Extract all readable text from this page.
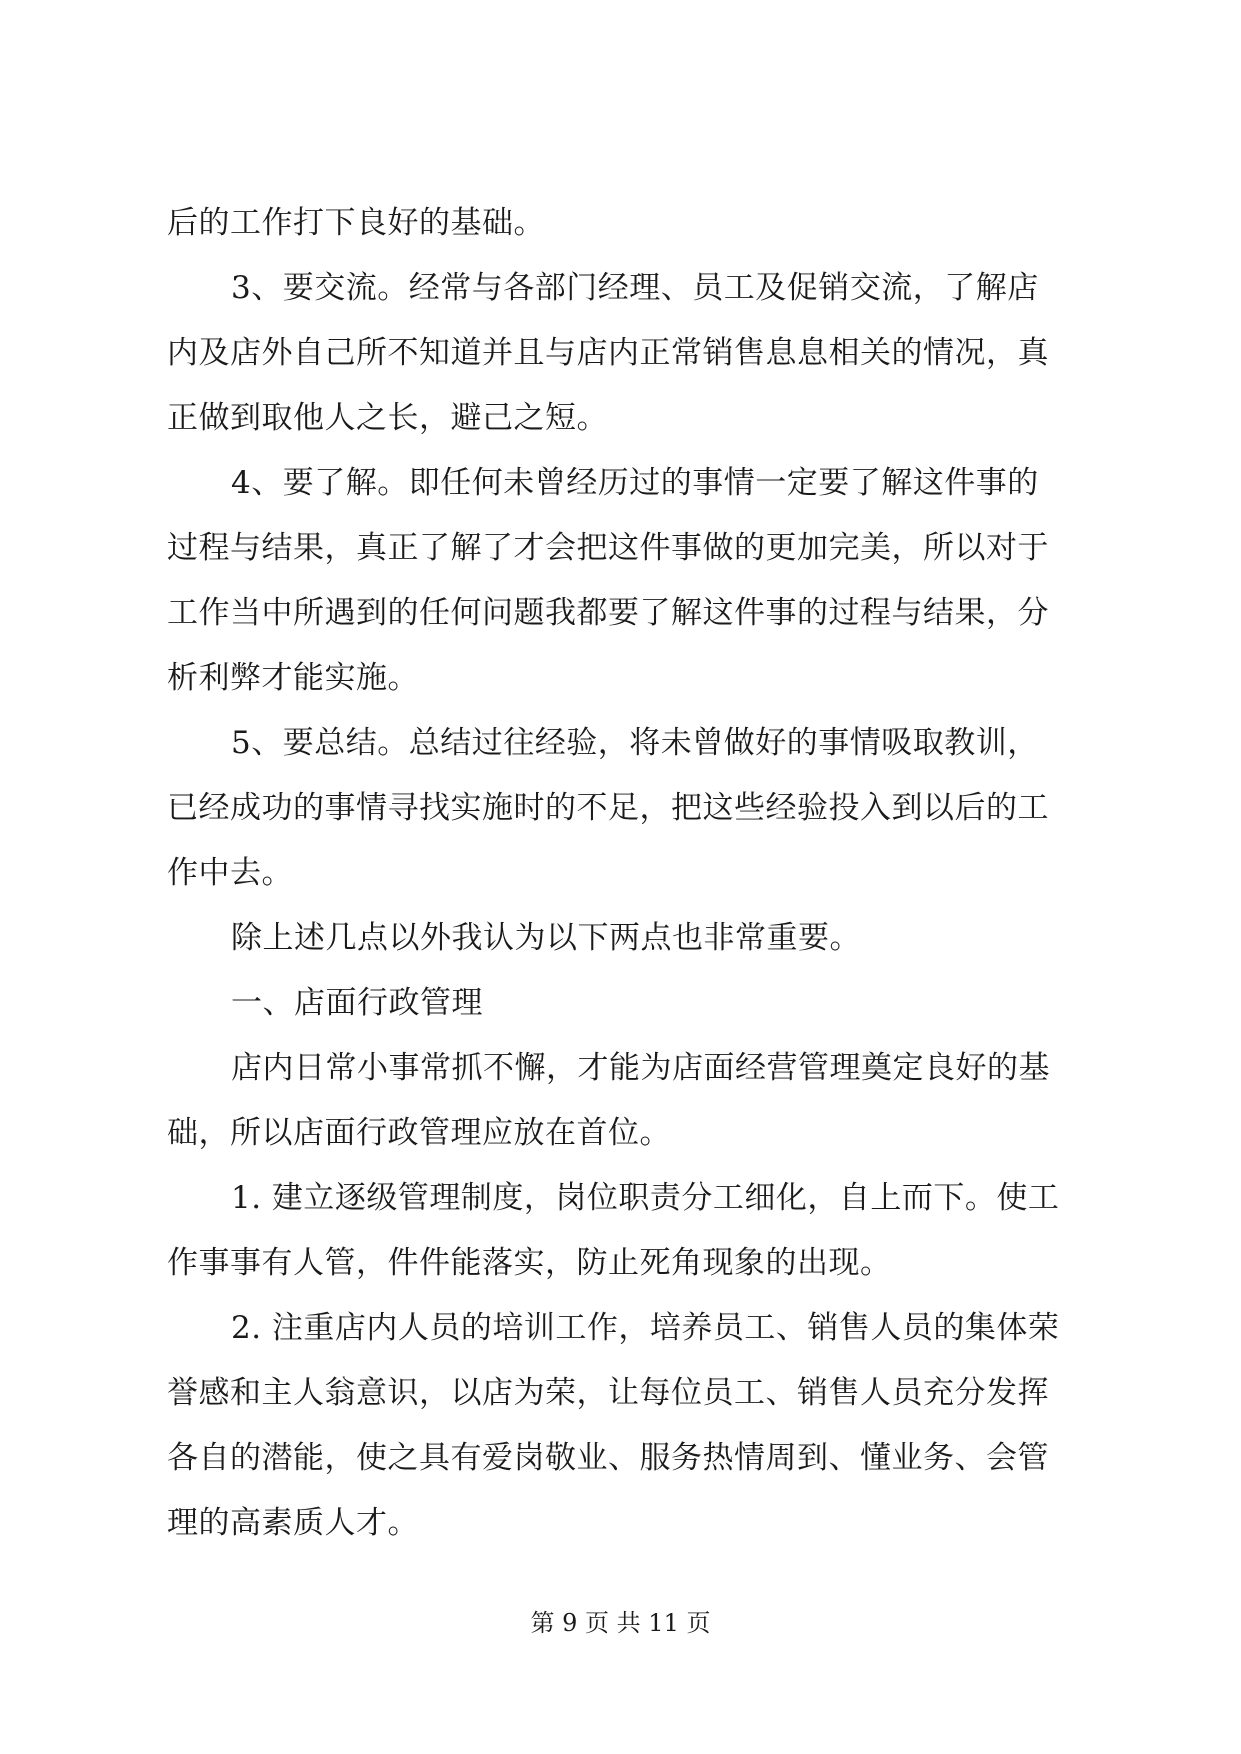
后的工作打下良好的基础。
3、要交流。经常与各部门经理、员工及促销交流，了解店
内及店外自己所不知道并且与店内正常销售息息相关的情况，真
正做到取他人之长，避己之短。
4、要了解。即任何未曾经历过的事情一定要了解这件事的
过程与结果，真正了解了才会把这件事做的更加完美，所以对于
工作当中所遇到的任何问题我都要了解这件事的过程与结果，分
析利弊才能实施。
5、要总结。总结过往经验，将未曾做好的事情吸取教训，
已经成功的事情寻找实施时的不足，把这些经验投入到以后的工
作中去。
除上述几点以外我认为以下两点也非常重要。
一、店面行政管理
店内日常小事常抓不懈，才能为店面经营管理奠定良好的基
础，所以店面行政管理应放在首位。
1. 建立逐级管理制度，岗位职责分工细化，自上而下。使工
作事事有人管，件件能落实，防止死角现象的出现。
2. 注重店内人员的培训工作，培养员工、销售人员的集体荣
誉感和主人翁意识，以店为荣，让每位员工、销售人员充分发挥
各自的潜能，使之具有爱岗敬业、服务热情周到、懂业务、会管
理的高素质人才。
第 9 页 共 11 页
